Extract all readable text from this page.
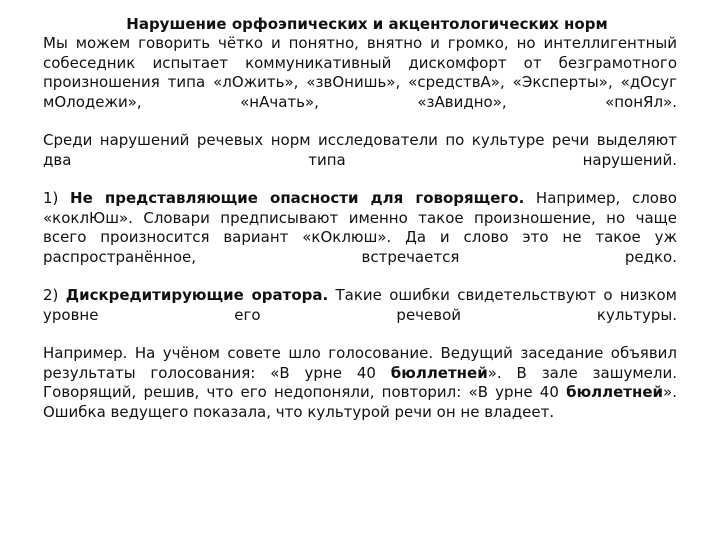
Нарушение орфоэпических и акцентологических норм

Мы можем говорить чётко и понятно, внятно и громко, но интеллигентный собеседник испытает коммуникативный дискомфорт от безграмотного произношения типа «лОжить», «звОнишь», «средствА», «Эксперты», «дОсуг мОлодежи», «нАчать», «зАвидно», «понЯл».

Среди нарушений речевых норм исследователи по культуре речи выделяют два типа нарушений.

1) Не представляющие опасности для говорящего. Например, слово «коклЮш». Словари предписывают именно такое произношение, но чаще всего произносится вариант «кОклюш». Да и слово это не такое уж распространённое, встречается редко.

2) Дискредитирующие оратора. Такие ошибки свидетельствуют о низком уровне его речевой культуры.

Например. На учёном совете шло голосование. Ведущий заседание объявил результаты голосования: «В урне 40 бюллетней». В зале зашумели. Говорящий, решив, что его недопоняли, повторил: «В урне 40 бюллетней». Ошибка ведущего показала, что культурой речи он не владеет.
